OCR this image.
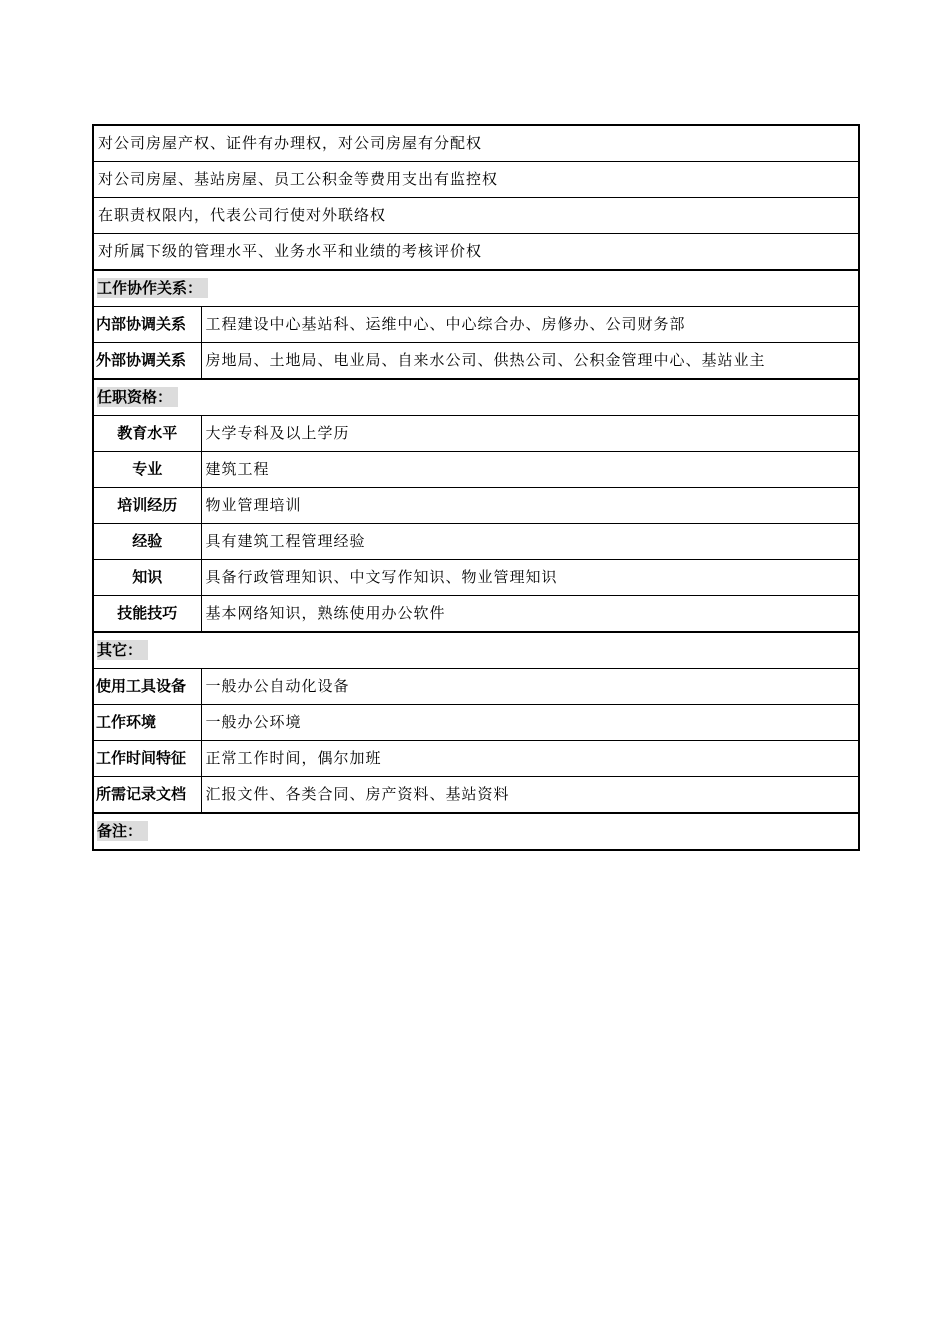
对公司房屋产权、证件有办理权，对公司房屋有分配权	
对公司房屋、基站房屋、员工公积金等费用支出有监控权	
在职责权限内，代表公司行使对外联络权	
对所属下级的管理水平、业务水平和业绩的考核评价权	
工作协作关系：	
内部协调关系	工程建设中心基站科、运维中心、中心综合办、房修办、公司财务部
外部协调关系	房地局、土地局、电业局、自来水公司、供热公司、公积金管理中心、基站业主
任职资格：	
教育水平	大学专科及以上学历
专业	建筑工程
培训经历	物业管理培训
经验	具有建筑工程管理经验
知识	具备行政管理知识、中文写作知识、物业管理知识
技能技巧	基本网络知识，熟练使用办公软件
其它：	
使用工具设备	一般办公自动化设备
工作环境	一般办公环境
工作时间特征	正常工作时间，偶尔加班
所需记录文档	汇报文件、各类合同、房产资料、基站资料
备注：	
